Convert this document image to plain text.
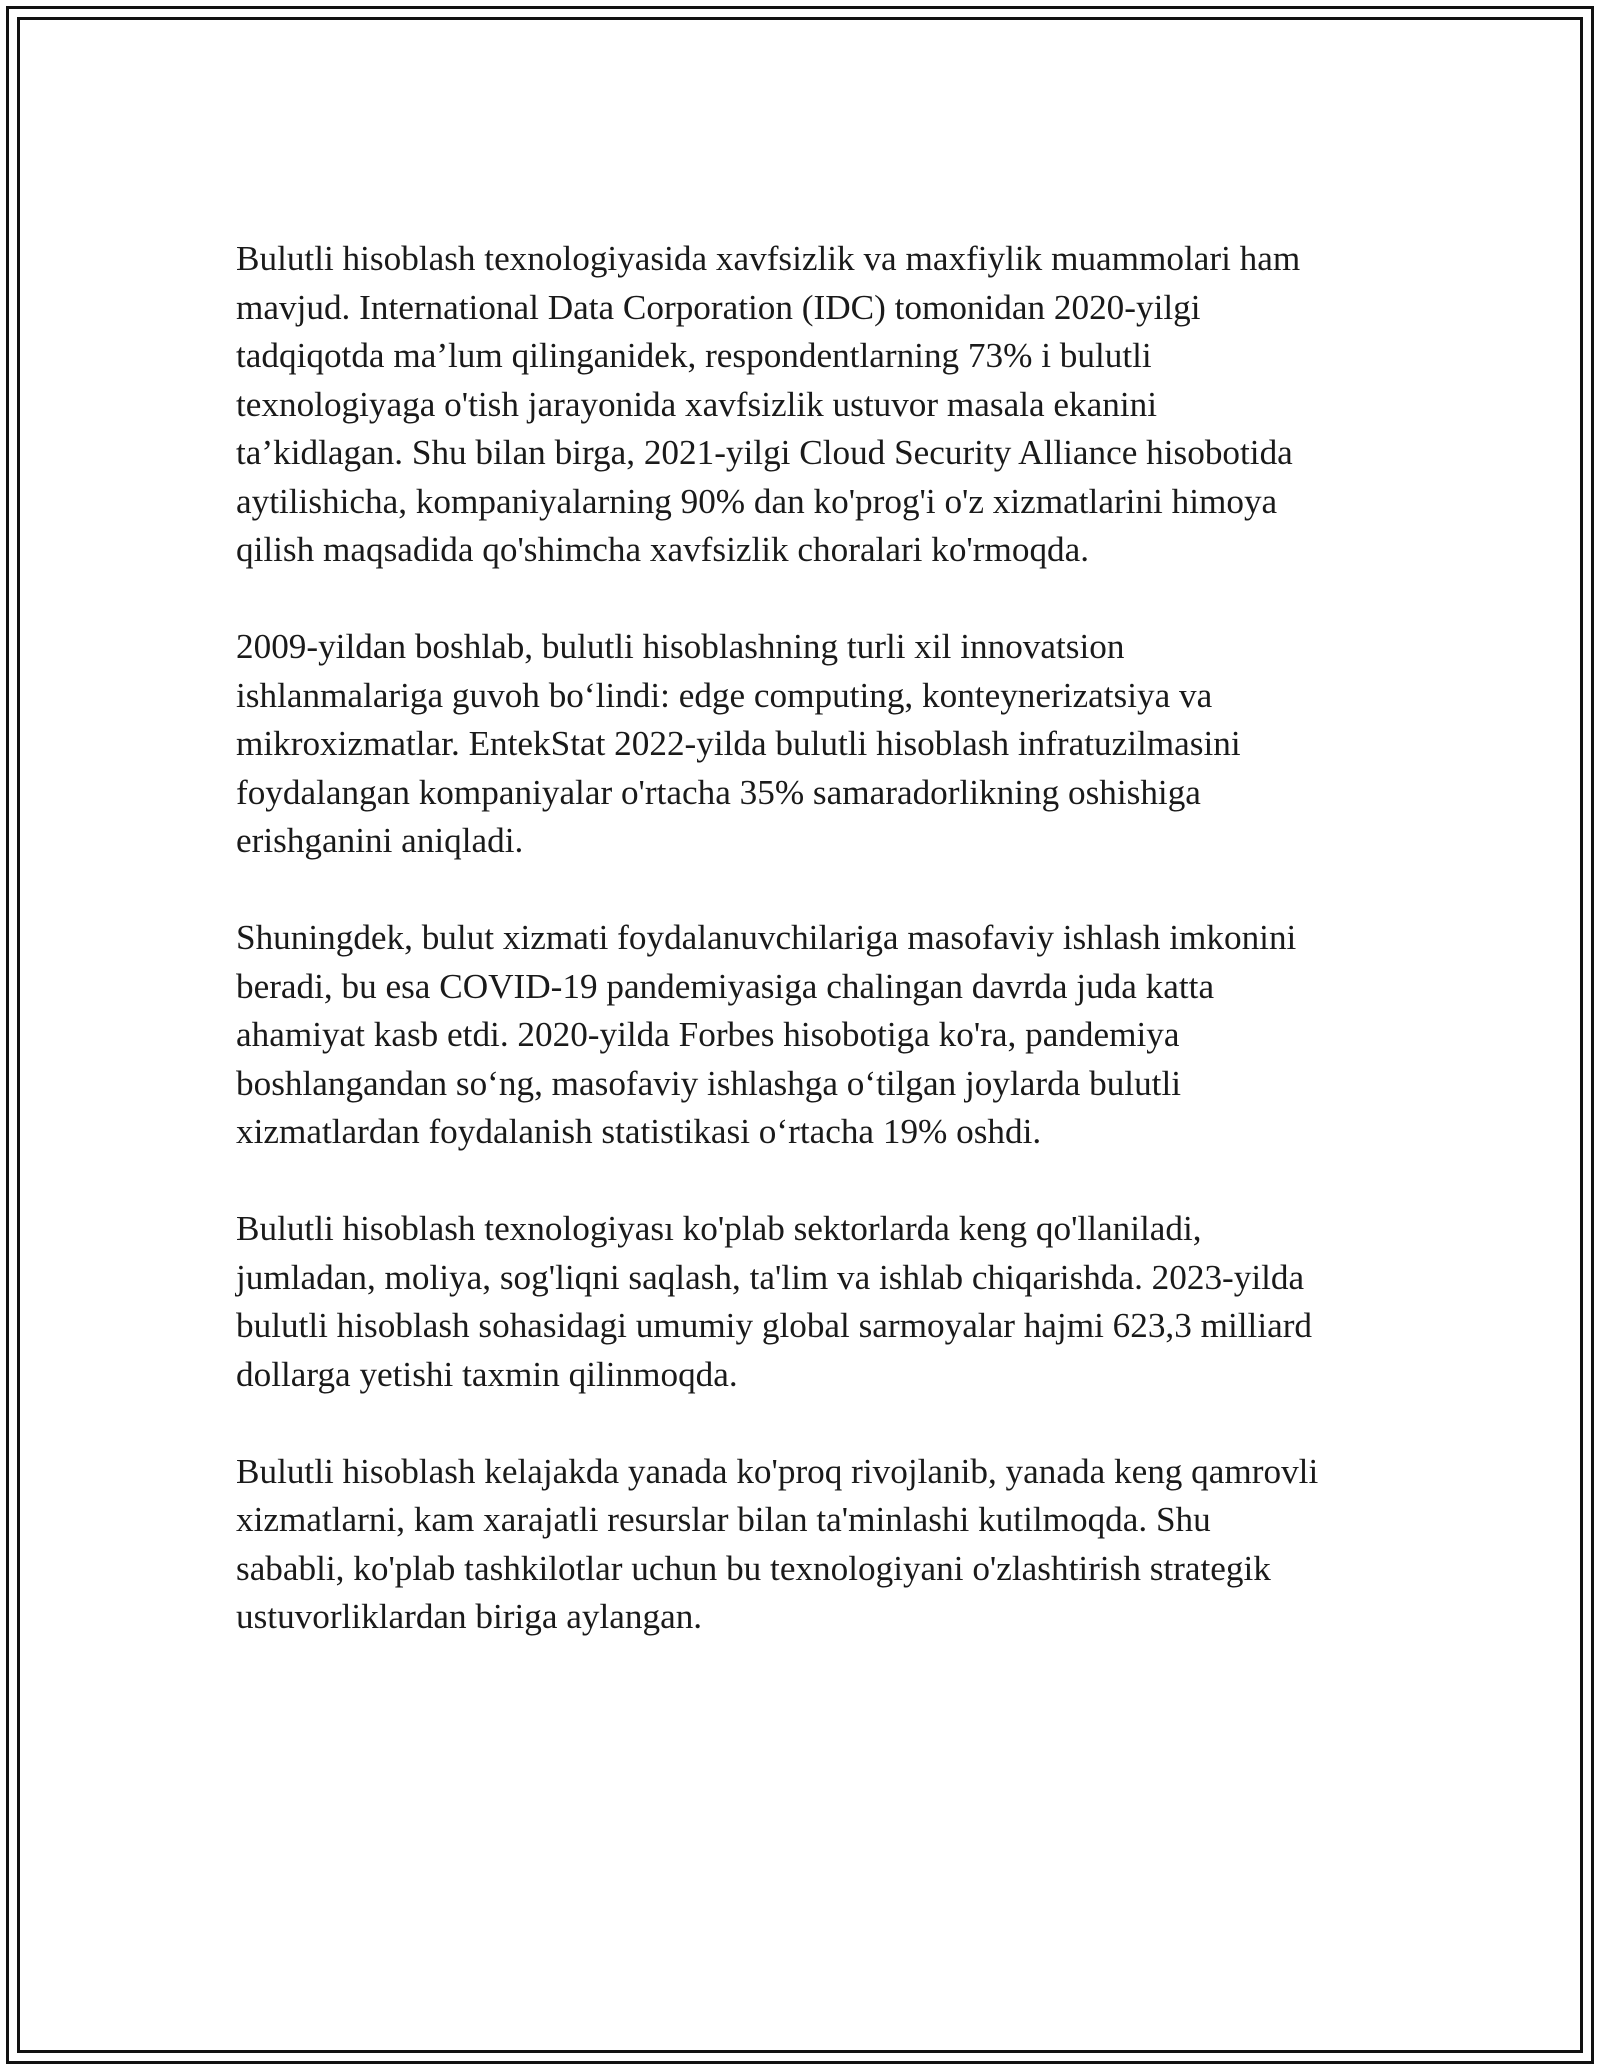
Bulutli hisoblash texnologiyasida xavfsizlik va maxfiylik muammolari ham
mavjud. International Data Corporation (IDC) tomonidan 2020-yilgi
tadqiqotda ma’lum qilinganidek, respondentlarning 73% i bulutli
texnologiyaga o'tish jarayonida xavfsizlik ustuvor masala ekanini
ta’kidlagan. Shu bilan birga, 2021-yilgi Cloud Security Alliance hisobotida
aytilishicha, kompaniyalarning 90% dan ko'prog'i o'z xizmatlarini himoya
qilish maqsadida qo'shimcha xavfsizlik choralari ko'rmoqda.

2009-yildan boshlab, bulutli hisoblashning turli xil innovatsion
ishlanmalariga guvoh bo‘lindi: edge computing, konteynerizatsiya va
mikroxizmatlar. EntekStat 2022-yilda bulutli hisoblash infratuzilmasini
foydalangan kompaniyalar o'rtacha 35% samaradorlikning oshishiga
erishganini aniqladi.

Shuningdek, bulut xizmati foydalanuvchilariga masofaviy ishlash imkonini
beradi, bu esa COVID-19 pandemiyasiga chalingan davrda juda katta
ahamiyat kasb etdi. 2020-yilda Forbes hisobotiga ko'ra, pandemiya
boshlangandan so‘ng, masofaviy ishlashga o‘tilgan joylarda bulutli
xizmatlardan foydalanish statistikasi o‘rtacha 19% oshdi.

Bulutli hisoblash texnologiyası ko'plab sektorlarda keng qo'llaniladi,
jumladan, moliya, sog'liqni saqlash, ta'lim va ishlab chiqarishda. 2023-yilda
bulutli hisoblash sohasidagi umumiy global sarmoyalar hajmi 623,3 milliard
dollarga yetishi taxmin qilinmoqda.

Bulutli hisoblash kelajakda yanada ko'proq rivojlanib, yanada keng qamrovli
xizmatlarni, kam xarajatli resurslar bilan ta'minlashi kutilmoqda. Shu
sababli, ko'plab tashkilotlar uchun bu texnologiyani o'zlashtirish strategik
ustuvorliklardan biriga aylangan.
